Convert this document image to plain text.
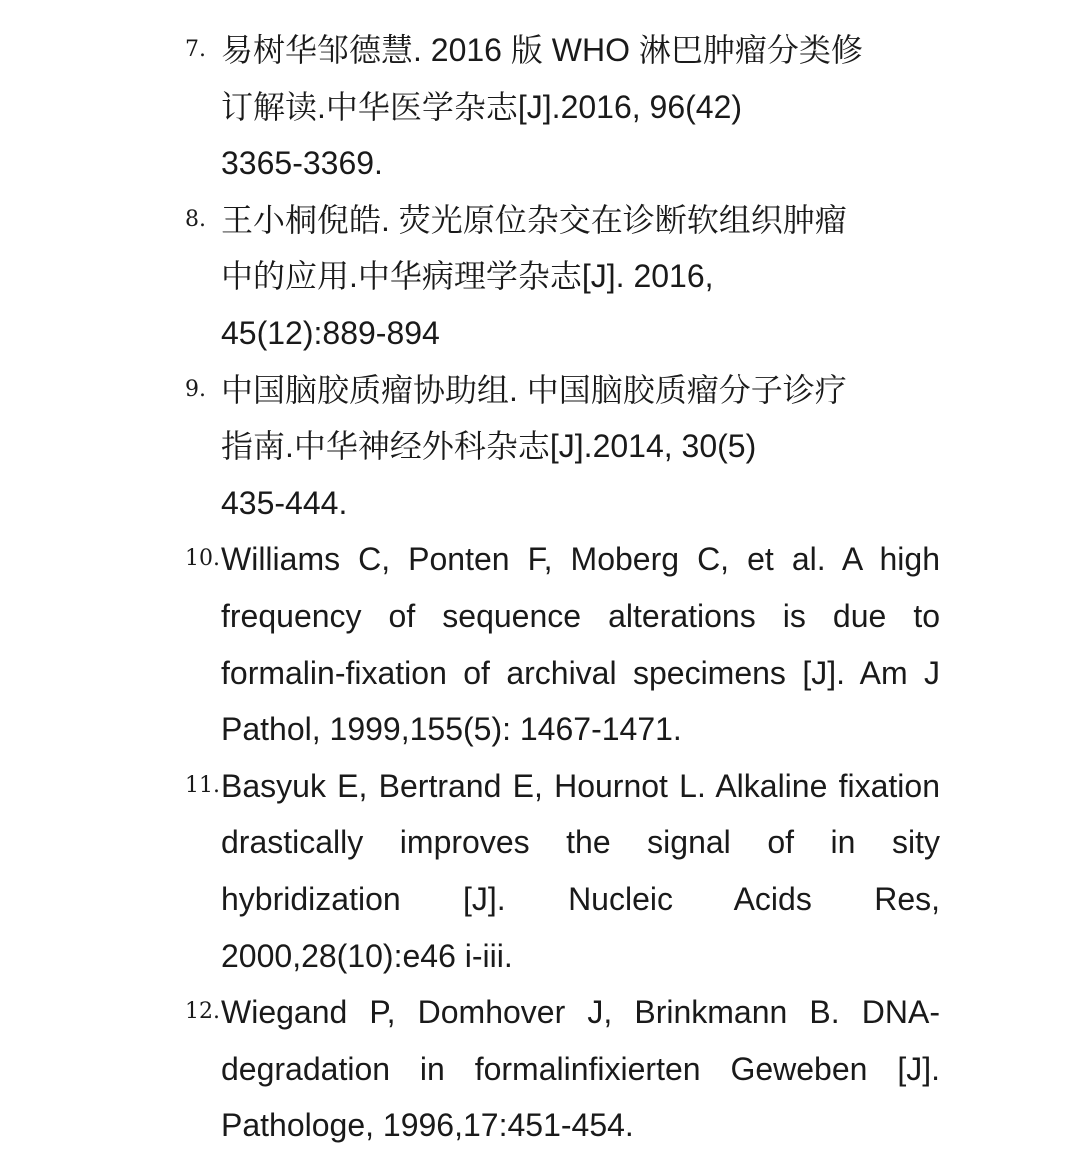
7. 易树华邹德慧. 2016 版 WHO 淋巴肿瘤分类修
订解读.中华医学杂志[J].2016, 96(42)
3365-3369.
8. 王小桐倪皓. 荧光原位杂交在诊断软组织肿瘤
中的应用.中华病理学杂志[J]. 2016,
45(12):889-894
9. 中国脑胶质瘤协助组. 中国脑胶质瘤分子诊疗
指南.中华神经外科杂志[J].2014, 30(5)
435-444.
10. Williams C, Ponten F, Moberg C, et al. A high frequency of sequence alterations is due to formalin-fixation of archival specimens [J]. Am J Pathol, 1999,155(5): 1467-1471.
11. Basyuk E, Bertrand E, Hournot L. Alkaline fixation drastically improves the signal of in sity hybridization [J]. Nucleic Acids Res, 2000,28(10):e46 i-iii.
12. Wiegand P, Domhover J, Brinkmann B. DNA-degradation in formalinfixierten Geweben [J]. Pathologe, 1996,17:451-454.
